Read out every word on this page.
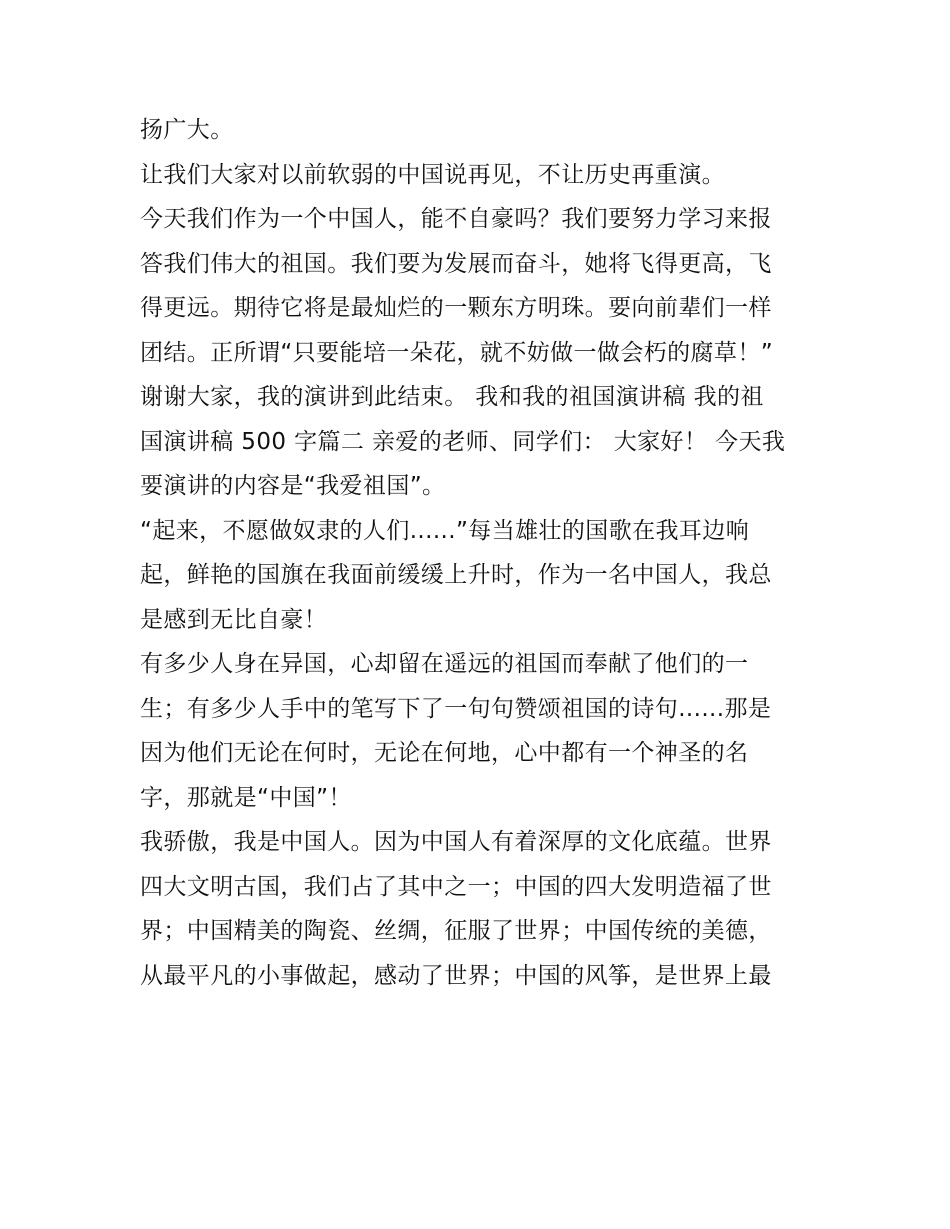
扬广大。
让我们大家对以前软弱的中国说再见，不让历史再重演。
今天我们作为一个中国人，能不自豪吗？我们要努力学习来报
答我们伟大的祖国。我们要为发展而奋斗，她将飞得更高，飞
得更远。期待它将是最灿烂的一颗东方明珠。要向前辈们一样
团结。正所谓“只要能培一朵花，就不妨做一做会朽的腐草！”
谢谢大家，我的演讲到此结束。 我和我的祖国演讲稿 我的祖
国演讲稿 500 字篇二 亲爱的老师、同学们： 大家好！ 今天我
要演讲的内容是“我爱祖国”。
“起来，不愿做奴隶的人们......”每当雄壮的国歌在我耳边响
起，鲜艳的国旗在我面前缓缓上升时，作为一名中国人，我总
是感到无比自豪！
有多少人身在异国，心却留在遥远的祖国而奉献了他们的一
生；有多少人手中的笔写下了一句句赞颂祖国的诗句......那是
因为他们无论在何时，无论在何地，心中都有一个神圣的名
字，那就是“中国”！
我骄傲，我是中国人。因为中国人有着深厚的文化底蕴。世界
四大文明古国，我们占了其中之一；中国的四大发明造福了世
界；中国精美的陶瓷、丝绸，征服了世界；中国传统的美德，
从最平凡的小事做起，感动了世界；中国的风筝，是世界上最
